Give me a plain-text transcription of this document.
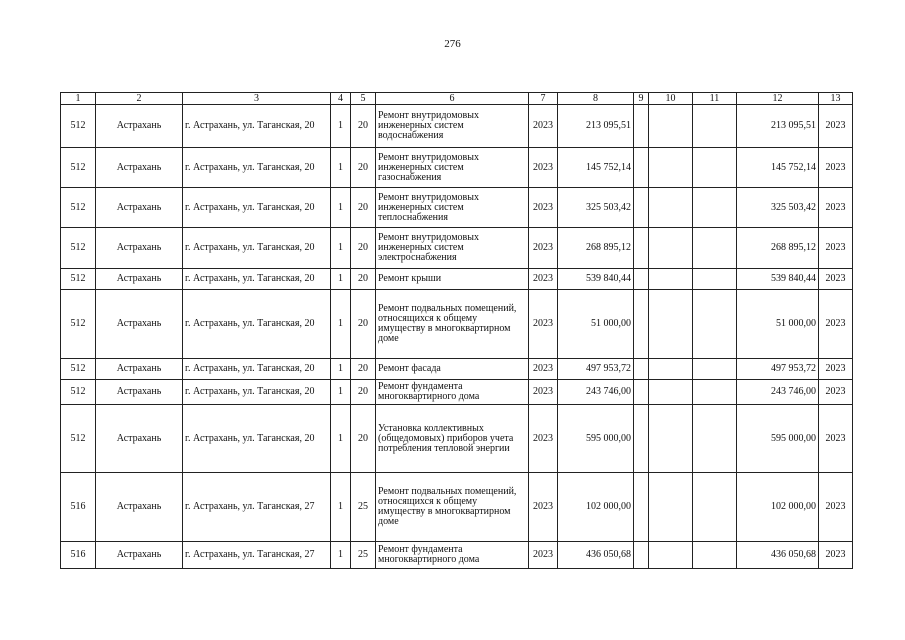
276
1	2	3	4	5	6	7	8	9	10	11	12	13
512	Астрахань	г. Астрахань, ул. Таганская, 20	1	20	Ремонт внутридомовых инженерных систем водоснабжения	2023	213 095,51				213 095,51	2023
512	Астрахань	г. Астрахань, ул. Таганская, 20	1	20	Ремонт внутридомовых инженерных систем газоснабжения	2023	145 752,14				145 752,14	2023
512	Астрахань	г. Астрахань, ул. Таганская, 20	1	20	Ремонт внутридомовых инженерных систем теплоснабжения	2023	325 503,42				325 503,42	2023
512	Астрахань	г. Астрахань, ул. Таганская, 20	1	20	Ремонт внутридомовых инженерных систем электроснабжения	2023	268 895,12				268 895,12	2023
512	Астрахань	г. Астрахань, ул. Таганская, 20	1	20	Ремонт крыши	2023	539 840,44				539 840,44	2023
512	Астрахань	г. Астрахань, ул. Таганская, 20	1	20	Ремонт подвальных помещений, относящихся к общему имуществу в многоквартирном доме	2023	51 000,00				51 000,00	2023
512	Астрахань	г. Астрахань, ул. Таганская, 20	1	20	Ремонт фасада	2023	497 953,72				497 953,72	2023
512	Астрахань	г. Астрахань, ул. Таганская, 20	1	20	Ремонт фундамента многоквартирного дома	2023	243 746,00				243 746,00	2023
512	Астрахань	г. Астрахань, ул. Таганская, 20	1	20	Установка коллективных (общедомовых) приборов учета потребления тепловой энергии	2023	595 000,00				595 000,00	2023
516	Астрахань	г. Астрахань, ул. Таганская, 27	1	25	Ремонт подвальных помещений, относящихся к общему имуществу в многоквартирном доме	2023	102 000,00				102 000,00	2023
516	Астрахань	г. Астрахань, ул. Таганская, 27	1	25	Ремонт фундамента многоквартирного дома	2023	436 050,68				436 050,68	2023
